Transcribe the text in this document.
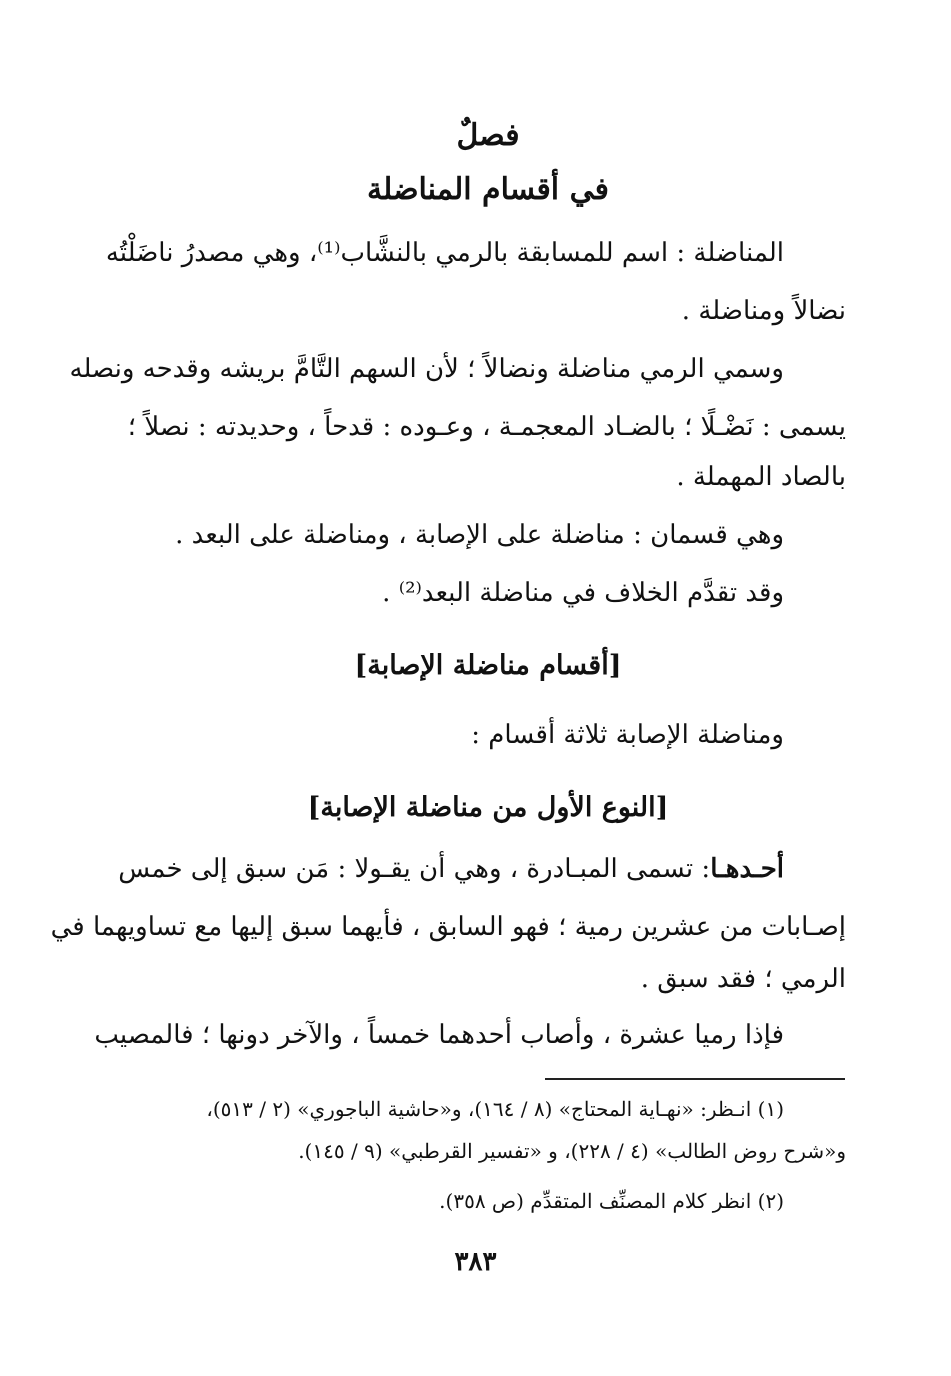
فصلٌ
في أقسام المناضلة
المناضلة : اسم للمسابقة بالرمي بالنشَّاب⁽¹⁾، وهي مصدرُ ناضَلْتُه
نضالاً ومناضلة .
وسمي الرمي مناضلة ونضالاً ؛ لأن السهم التَّامَّ بريشه وقدحه ونصله
يسمى : نَضْـلًا ؛ بالضـاد المعجمـة ، وعـوده : قدحاً ، وحديدته : نصلاً ؛
بالصاد المهملة .
وهي قسمان : مناضلة على الإصابة ، ومناضلة على البعد .
وقد تقدَّم الخلاف في مناضلة البعد⁽²⁾ .
[أقسام مناضلة الإصابة]
ومناضلة الإصابة ثلاثة أقسام :
[النوع الأول من مناضلة الإصابة]
أحـدهـا: تسمى المبـادرة ، وهي أن يقـولا : مَن سبق إلى خمس
إصـابات من عشرين رمية ؛ فهو السابق ، فأيهما سبق إليها مع تساويهما في
الرمي ؛ فقد سبق .
فإذا رميا عشرة ، وأصاب أحدهما خمساً ، والآخر دونها ؛ فالمصيب
(١) انـظر: «نهـاية المحتاج» (٨ / ١٦٤)، و«حاشية الباجوري» (٢ / ٥١٣)،
و«شرح روض الطالب» (٤ / ٢٢٨)، و «تفسير القرطبي» (٩ / ١٤٥).
(٢) انظر كلام المصنِّف المتقدِّم (ص ٣٥٨).
٣٨٣
